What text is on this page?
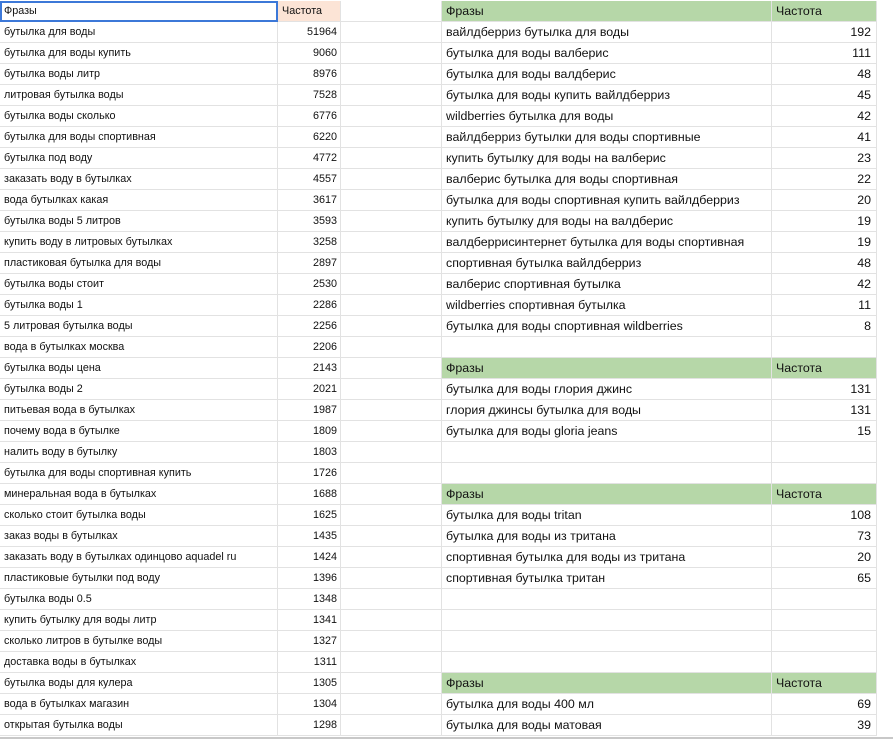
Фразы	Частота
бутылка для воды	51964
бутылка для воды купить	9060
бутылка воды литр	8976
литровая бутылка воды	7528
бутылка воды сколько	6776
бутылка для воды спортивная	6220
бутылка под воду	4772
заказать воду в бутылках	4557
вода бутылках какая	3617
бутылка воды 5 литров	3593
купить воду в литровых бутылках	3258
пластиковая бутылка для воды	2897
бутылка воды стоит	2530
бутылка воды 1	2286
5 литровая бутылка воды	2256
вода в бутылках москва	2206
бутылка воды цена	2143
бутылка воды 2	2021
питьевая вода в бутылках	1987
почему вода в бутылке	1809
налить воду в бутылку	1803
бутылка для воды спортивная купить	1726
минеральная вода в бутылках	1688
сколько стоит бутылка воды	1625
заказ воды в бутылках	1435
заказать воду в бутылках одинцово aquadel ru	1424
пластиковые бутылки под воду	1396
бутылка воды 0.5	1348
купить бутылку для воды литр	1341
сколько литров в бутылке воды	1327
доставка воды в бутылках	1311
бутылка воды для кулера	1305
вода в бутылках магазин	1304
открытая бутылка воды	1298
Фразы	Частота
вайлдберриз бутылка для воды	192
бутылка для воды валберис	111
бутылка для воды валдберис	48
бутылка для воды купить вайлдберриз	45
wildberries бутылка для воды	42
вайлдберриз бутылки для воды спортивные	41
купить бутылку для воды на валберис	23
валберис бутылка для воды спортивная	22
бутылка для воды спортивная купить вайлдберриз	20
купить бутылку для воды на валдберис	19
валдберрисинтернет бутылка для воды спортивная	19
спортивная бутылка вайлдберриз	48
валберис спортивная бутылка	42
wildberries спортивная бутылка	11
бутылка для воды спортивная wildberries	8
Фразы	Частота
бутылка для воды глория джинс	131
глория джинсы бутылка для воды	131
бутылка для воды gloria jeans	15
Фразы	Частота
бутылка для воды tritan	108
бутылка для воды из тритана	73
спортивная бутылка для воды из тритана	20
спортивная бутылка тритан	65
Фразы	Частота
бутылка для воды 400 мл	69
бутылка для воды матовая	39
